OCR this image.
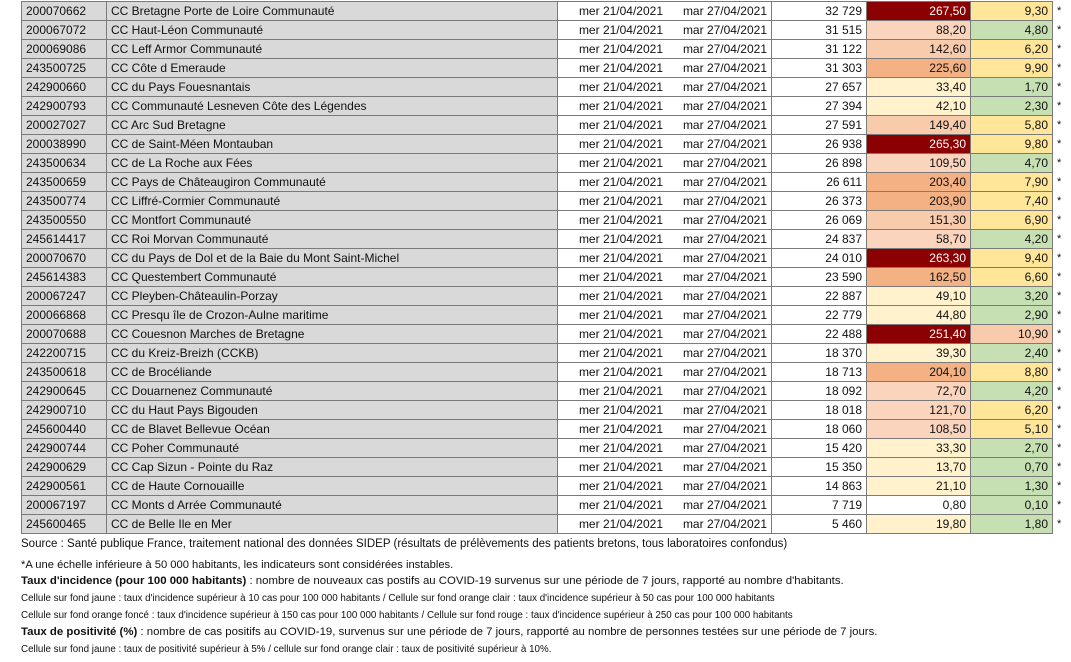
200070662	CC Bretagne Porte de Loire Communauté	mer 21/04/2021	mar 27/04/2021	32 729	267,50	9,30	*
200067072	CC Haut-Léon Communauté	mer 21/04/2021	mar 27/04/2021	31 515	88,20	4,80	*
200069086	CC Leff Armor Communauté	mer 21/04/2021	mar 27/04/2021	31 122	142,60	6,20	*
243500725	CC Côte d Emeraude	mer 21/04/2021	mar 27/04/2021	31 303	225,60	9,90	*
242900660	CC du Pays Fouesnantais	mer 21/04/2021	mar 27/04/2021	27 657	33,40	1,70	*
242900793	CC Communauté Lesneven Côte des Légendes	mer 21/04/2021	mar 27/04/2021	27 394	42,10	2,30	*
200027027	CC Arc Sud Bretagne	mer 21/04/2021	mar 27/04/2021	27 591	149,40	5,80	*
200038990	CC de Saint-Méen Montauban	mer 21/04/2021	mar 27/04/2021	26 938	265,30	9,80	*
243500634	CC de La Roche aux Fées	mer 21/04/2021	mar 27/04/2021	26 898	109,50	4,70	*
243500659	CC Pays de Châteaugiron Communauté	mer 21/04/2021	mar 27/04/2021	26 611	203,40	7,90	*
243500774	CC Liffré-Cormier Communauté	mer 21/04/2021	mar 27/04/2021	26 373	203,90	7,40	*
243500550	CC Montfort Communauté	mer 21/04/2021	mar 27/04/2021	26 069	151,30	6,90	*
245614417	CC Roi Morvan Communauté	mer 21/04/2021	mar 27/04/2021	24 837	58,70	4,20	*
200070670	CC du Pays de Dol et de la Baie du Mont Saint-Michel	mer 21/04/2021	mar 27/04/2021	24 010	263,30	9,40	*
245614383	CC Questembert Communauté	mer 21/04/2021	mar 27/04/2021	23 590	162,50	6,60	*
200067247	CC Pleyben-Châteaulin-Porzay	mer 21/04/2021	mar 27/04/2021	22 887	49,10	3,20	*
200066868	CC Presqu île de Crozon-Aulne maritime	mer 21/04/2021	mar 27/04/2021	22 779	44,80	2,90	*
200070688	CC Couesnon Marches de Bretagne	mer 21/04/2021	mar 27/04/2021	22 488	251,40	10,90	*
242200715	CC du Kreiz-Breizh (CCKB)	mer 21/04/2021	mar 27/04/2021	18 370	39,30	2,40	*
243500618	CC de Brocéliande	mer 21/04/2021	mar 27/04/2021	18 713	204,10	8,80	*
242900645	CC Douarnenez Communauté	mer 21/04/2021	mar 27/04/2021	18 092	72,70	4,20	*
242900710	CC du Haut Pays Bigouden	mer 21/04/2021	mar 27/04/2021	18 018	121,70	6,20	*
245600440	CC de Blavet Bellevue Océan	mer 21/04/2021	mar 27/04/2021	18 060	108,50	5,10	*
242900744	CC Poher Communauté	mer 21/04/2021	mar 27/04/2021	15 420	33,30	2,70	*
242900629	CC Cap Sizun - Pointe du Raz	mer 21/04/2021	mar 27/04/2021	15 350	13,70	0,70	*
242900561	CC de Haute Cornouaille	mer 21/04/2021	mar 27/04/2021	14 863	21,10	1,30	*
200067197	CC Monts d Arrée Communauté	mer 21/04/2021	mar 27/04/2021	7 719	0,80	0,10	*
245600465	CC de Belle Ile en Mer	mer 21/04/2021	mar 27/04/2021	5 460	19,80	1,80	*
Source : Santé publique France, traitement national des données SIDEP (résultats de prélèvements des patients bretons, tous laboratoires confondus)
*A une échelle inférieure à 50 000 habitants, les indicateurs sont considérées instables.
Taux d'incidence (pour 100 000 habitants) : nombre de nouveaux cas postifs au COVID-19 survenus sur une période de 7 jours, rapporté au nombre d'habitants.
Cellule sur fond jaune : taux d'incidence supérieur à 10 cas pour 100 000 habitants / Cellule sur fond orange clair : taux d'incidence supérieur à 50 cas pour 100 000 habitants
Cellule sur fond orange foncé : taux d'incidence supérieur à 150 cas pour 100 000 habitants / Cellule sur fond rouge : taux d'incidence supérieur à 250 cas pour 100 000 habitants
Taux de positivité (%) : nombre de cas positifs au COVID-19, survenus sur une période de 7 jours, rapporté au nombre de personnes testées sur une période de 7 jours.
Cellule sur fond jaune : taux de positivité supérieur à 5% / cellule sur fond orange clair : taux de positivité supérieur à 10%.
